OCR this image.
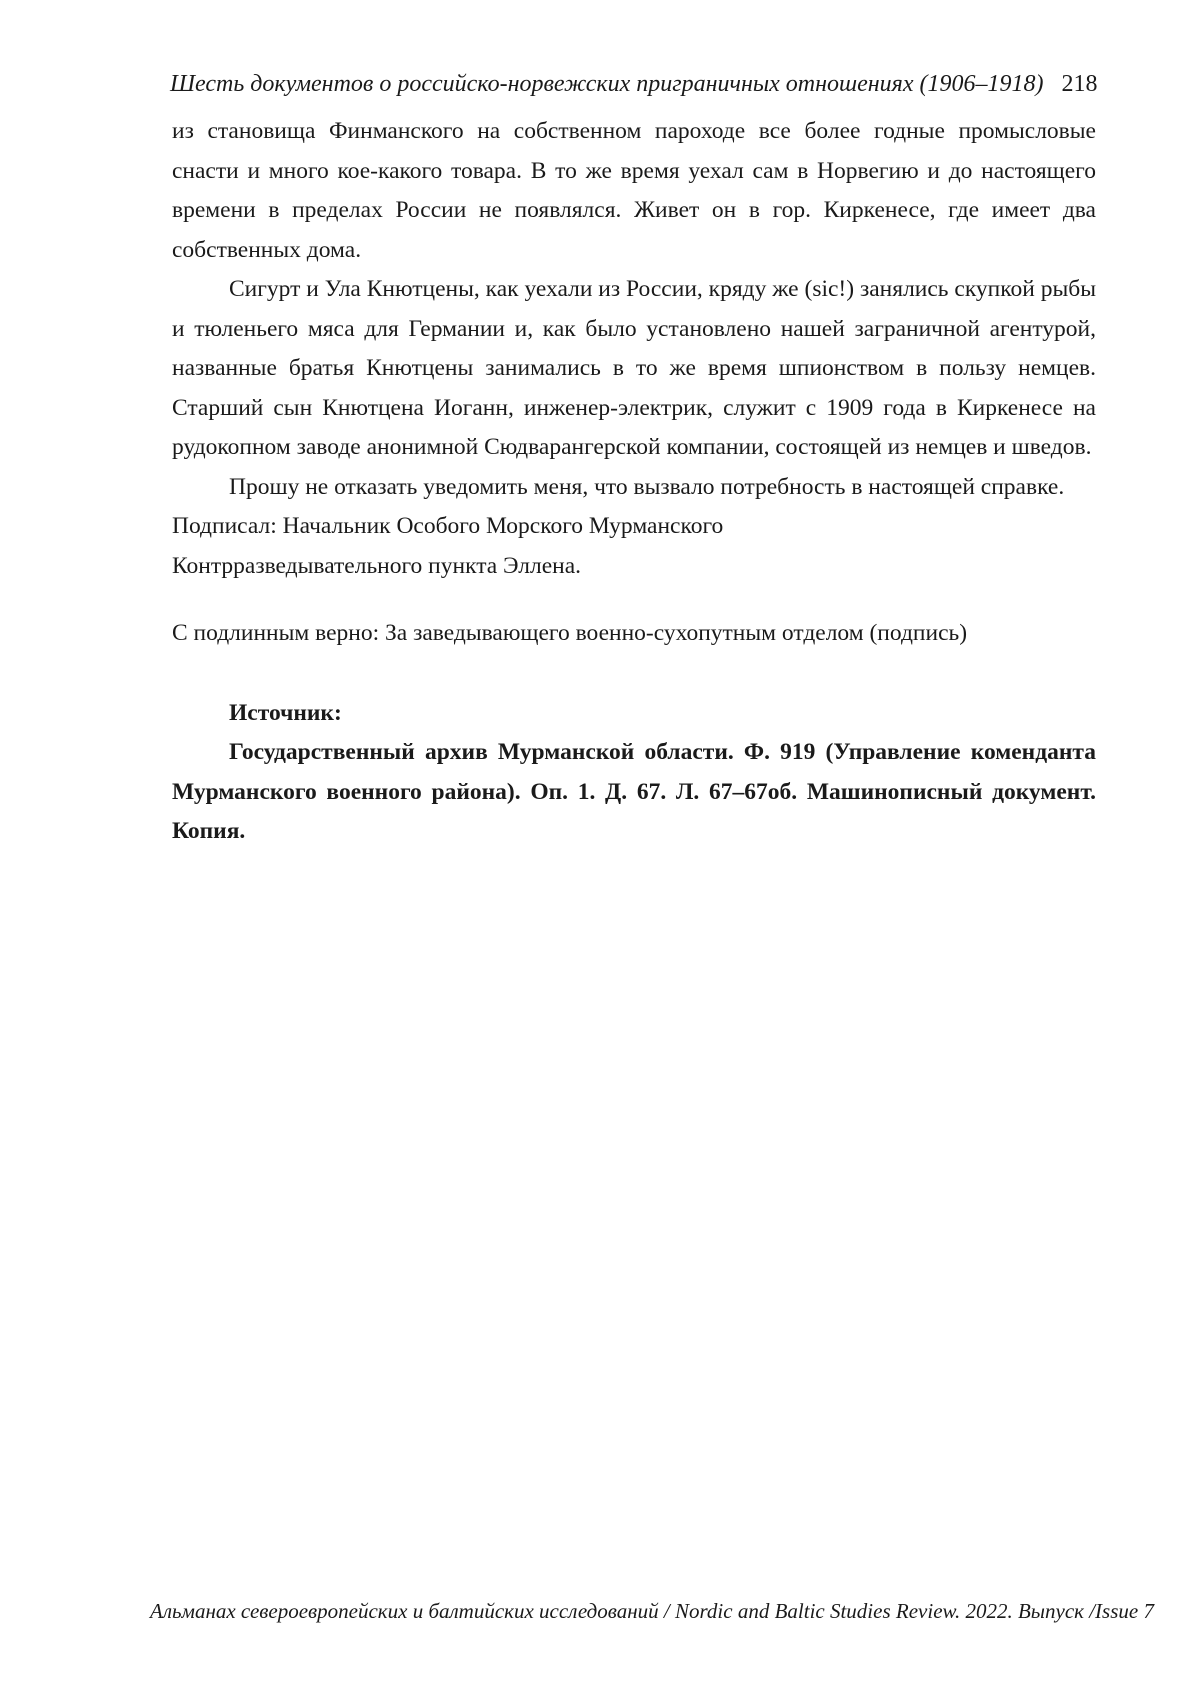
Шесть документов о российско-норвежских приграничных отношениях (1906–1918) 218

из становища Финманского на собственном пароходе все более годные промысловые снасти и много кое-какого товара. В то же время уехал сам в Норвегию и до настоящего времени в пределах России не появлялся. Живет он в гор. Киркенесе, где имеет два собственных дома.

Сигурт и Ула Кнютцены, как уехали из России, кряду же (sic!) занялись скупкой рыбы и тюленьего мяса для Германии и, как было установлено нашей заграничной агентурой, названные братья Кнютцены занимались в то же время шпионством в пользу немцев. Старший сын Кнютцена Иоганн, инженер-электрик, служит с 1909 года в Киркенесе на рудокопном заводе анонимной Сюдварангерской компании, состоящей из немцев и шведов.

Прошу не отказать уведомить меня, что вызвало потребность в настоящей справке.

Подписал: Начальник Особого Морского Мурманского

Контрразведывательного пункта Эллена.

С подлинным верно: За заведывающего военно-сухопутным отделом (подпись)

Источник:

Государственный архив Мурманской области. Ф. 919 (Управление коменданта Мурманского военного района). Оп. 1. Д. 67. Л. 67–67об. Машинописный документ. Копия.

Альманах североевропейских и балтийских исследований / Nordic and Baltic Studies Review. 2022. Выпуск /Issue 7
